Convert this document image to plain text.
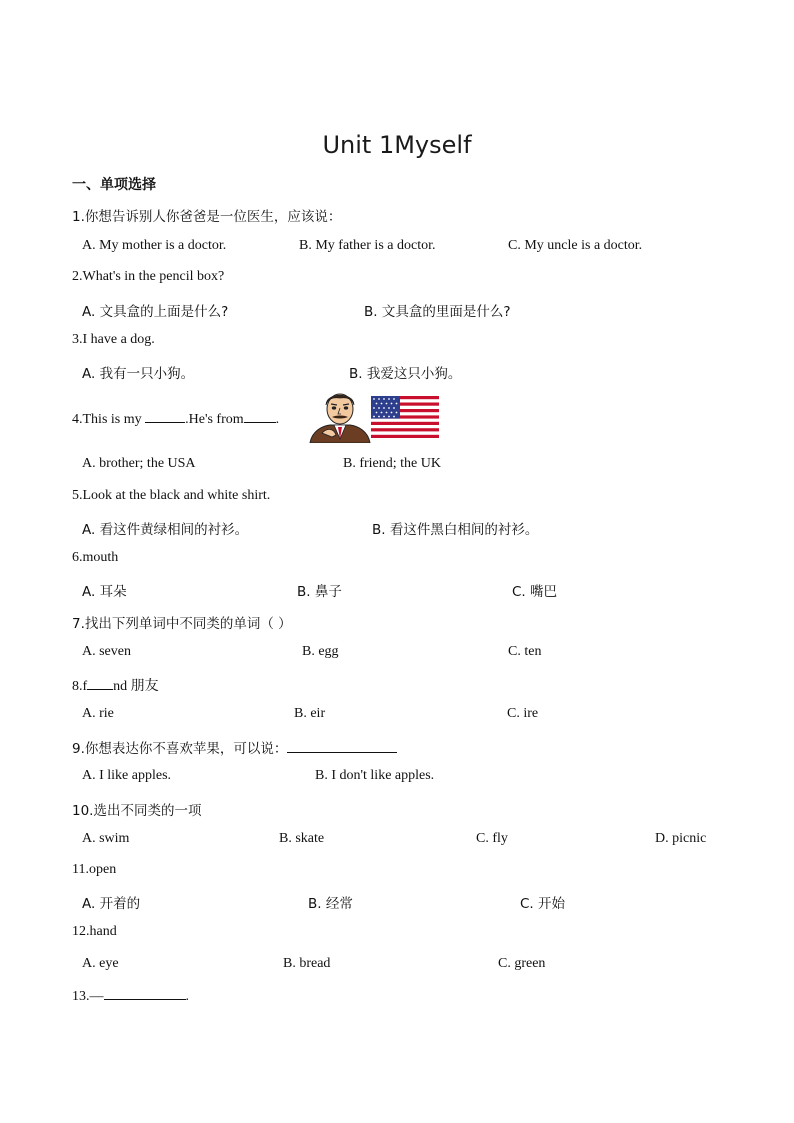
Unit 1Myself
一、单项选择
1.你想告诉别人你爸爸是一位医生，应该说：
A. My mother is a doctor.	B. My father is a doctor.	C. My uncle is a doctor.
2.What's in the pencil box?
A. 文具盒的上面是什么?	B. 文具盒的里面是什么?
3.I have a dog.
A. 我有一只小狗。	B. 我爱这只小狗。
4.This is my	.He's from .
A. brother; the USA	B. friend; the UK
5.Look at the black and white shirt.
A. 看这件黄绿相间的衬衫。	B. 看这件黑白相间的衬衫。
6.mouth
A. 耳朵	B. 鼻子	C. 嘴巴
7.找出下列单词中不同类的单词（ ）
A. seven	B. egg	C. ten
8.f nd 朋友
A. rie	B. eir	C. ire
9.你想表达你不喜欢苹果，可以说：
A. I like apples.	B. I don't like apples.
10.选出不同类的一项
A. swim	B. skate	C. fly	D. picnic
11.open
A. 开着的	B. 经常	C. 开始
12.hand
A. eye	B. bread	C. green
13.—	.
